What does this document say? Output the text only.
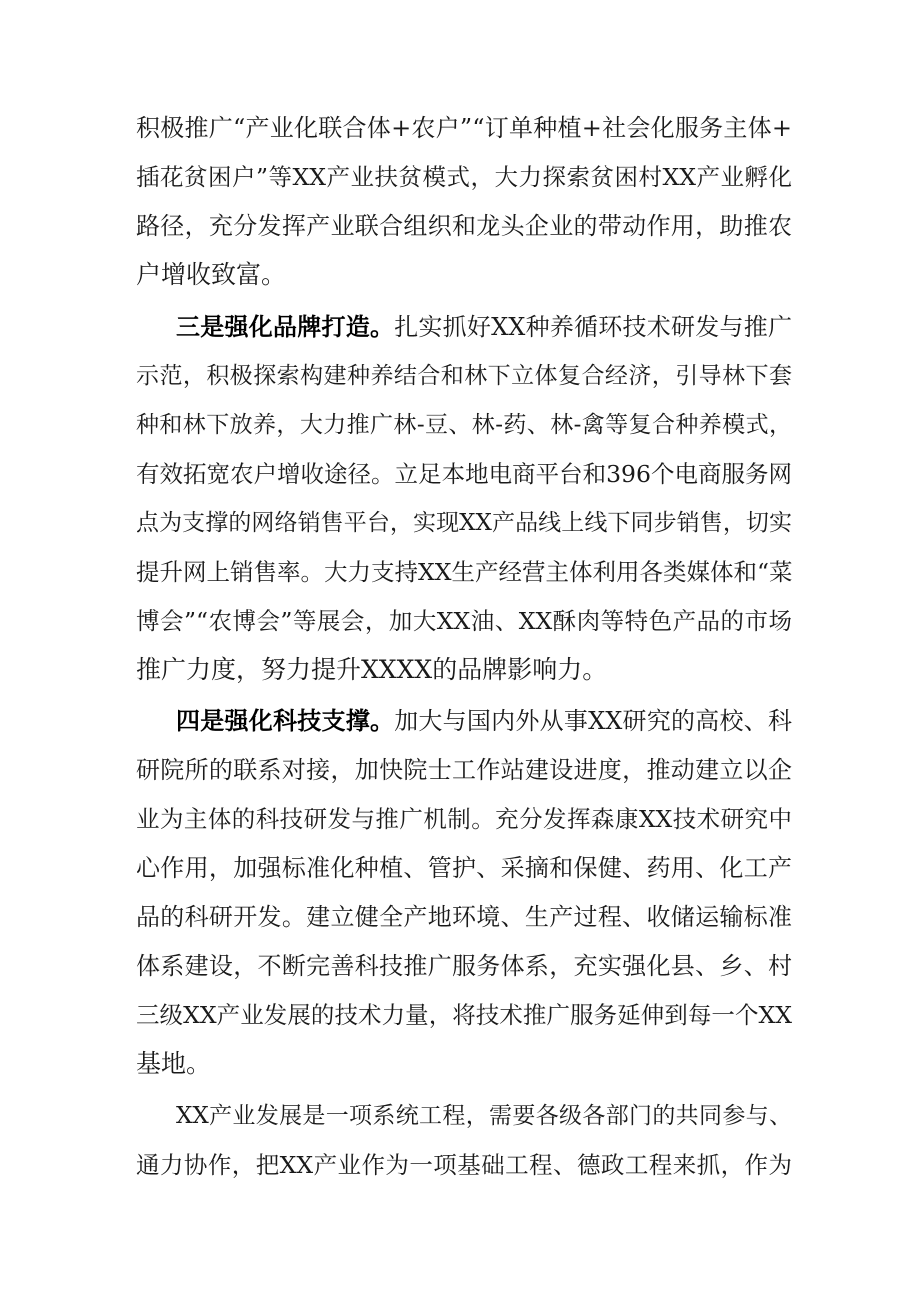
积极推广“产业化联合体+农户”“订单种植+社会化服务主体+
插花贫困户”等XX产业扶贫模式，大力探索贫困村XX产业孵化
路径，充分发挥产业联合组织和龙头企业的带动作用，助推农
户增收致富。
三是强化品牌打造。扎实抓好XX种养循环技术研发与推广
示范，积极探索构建种养结合和林下立体复合经济，引导林下套
种和林下放养，大力推广林-豆、林-药、林-禽等复合种养模式，
有效拓宽农户增收途径。立足本地电商平台和396个电商服务网
点为支撑的网络销售平台，实现XX产品线上线下同步销售，切实
提升网上销售率。大力支持XX生产经营主体利用各类媒体和“菜
博会”“农博会”等展会，加大XX油、XX酥肉等特色产品的市场
推广力度，努力提升XXXX的品牌影响力。
四是强化科技支撑。加大与国内外从事XX研究的高校、科
研院所的联系对接，加快院士工作站建设进度，推动建立以企
业为主体的科技研发与推广机制。充分发挥森康XX技术研究中
心作用，加强标准化种植、管护、采摘和保健、药用、化工产
品的科研开发。建立健全产地环境、生产过程、收储运输标准
体系建设，不断完善科技推广服务体系，充实强化县、乡、村
三级XX产业发展的技术力量，将技术推广服务延伸到每一个XX
基地。
XX产业发展是一项系统工程，需要各级各部门的共同参与、
通力协作，把XX产业作为一项基础工程、德政工程来抓，作为
